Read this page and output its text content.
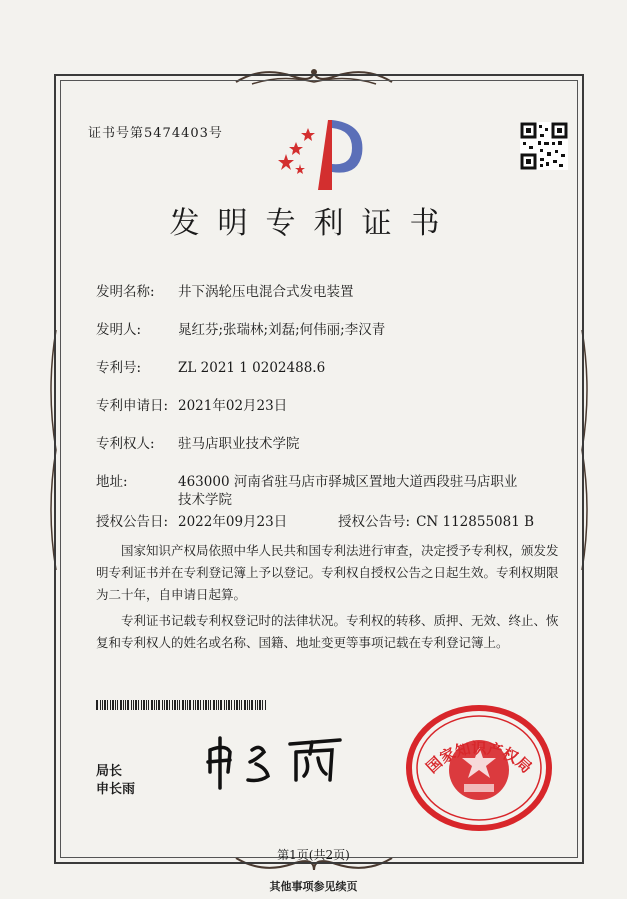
证书号第5474403号
发明专利证书
发明名称: 井下涡轮压电混合式发电装置
发明人:	晁红芬;张瑞林;刘磊;何伟丽;李汉青
专利号:	ZL 2021 1 0202488.6
专利申请日: 2021年02月23日
专利权人: 驻马店职业技术学院
地址:	463000 河南省驻马店市驿城区置地大道西段驻马店职业
技术学院
授权公告日: 2022年09月23日	授权公告号: CN 112855081 B
国家知识产权局依照中华人民共和国专利法进行审查，决定授予专利权，颁发发明专利证书并在专利登记簿上予以登记。专利权自授权公告之日起生效。专利权期限为二十年，自申请日起算。
专利证书记载专利权登记时的法律状况。专利权的转移、质押、无效、终止、恢复和专利权人的姓名或名称、国籍、地址变更等事项记载在专利登记簿上。
局长
申长雨
国家知识产权局
第1页(共2页)
其他事项参见续页
